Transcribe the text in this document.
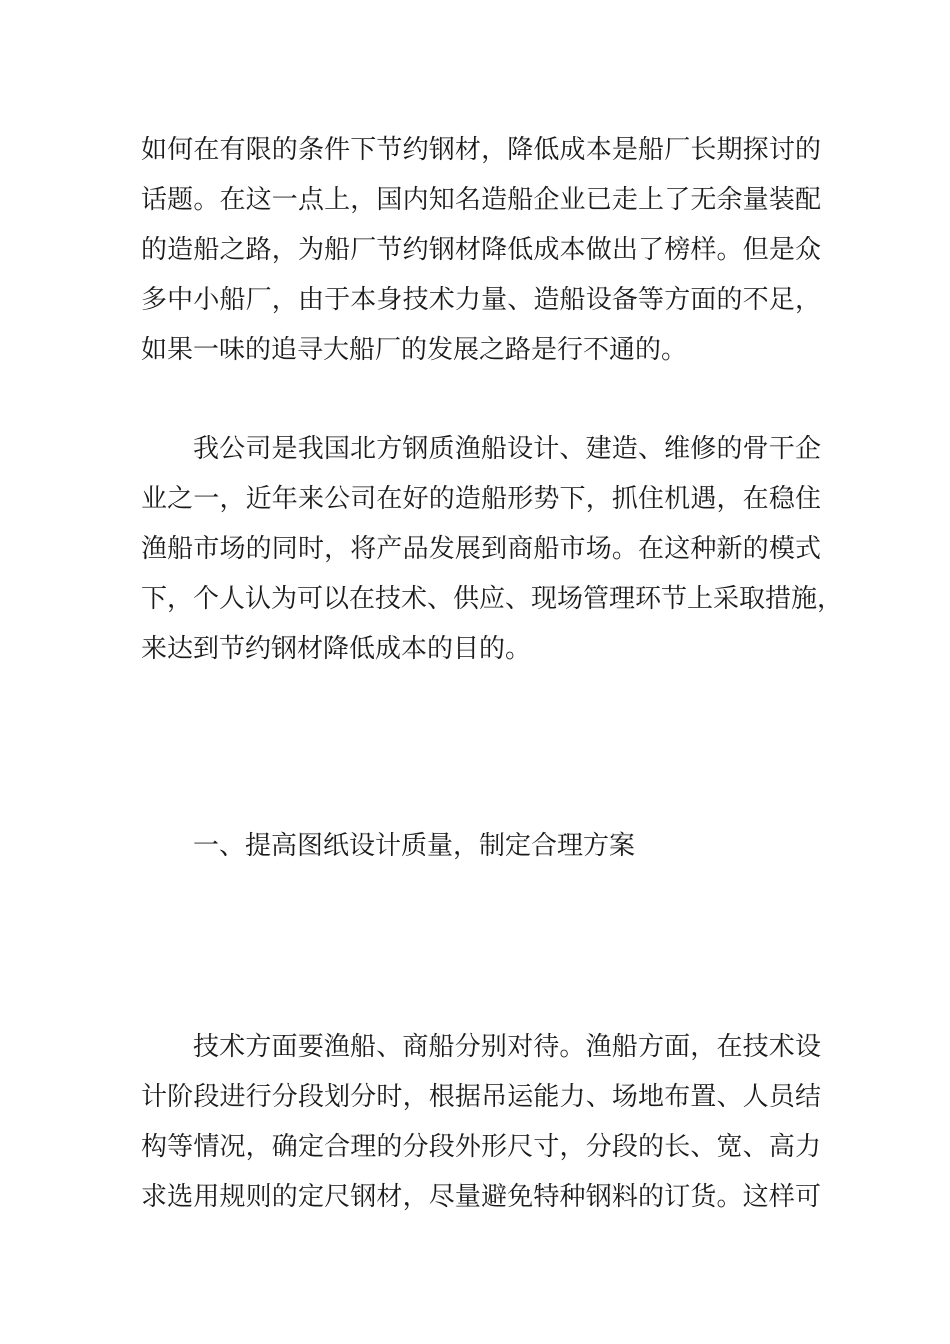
如何在有限的条件下节约钢材，降低成本是船厂长期探讨的
话题。在这一点上，国内知名造船企业已走上了无余量装配
的造船之路，为船厂节约钢材降低成本做出了榜样。但是众
多中小船厂，由于本身技术力量、造船设备等方面的不足，
如果一味的追寻大船厂的发展之路是行不通的。
我公司是我国北方钢质渔船设计、建造、维修的骨干企
业之一，近年来公司在好的造船形势下，抓住机遇，在稳住
渔船市场的同时，将产品发展到商船市场。在这种新的模式
下，个人认为可以在技术、供应、现场管理环节上采取措施，
来达到节约钢材降低成本的目的。
一、提高图纸设计质量，制定合理方案
技术方面要渔船、商船分别对待。渔船方面，在技术设
计阶段进行分段划分时，根据吊运能力、场地布置、人员结
构等情况，确定合理的分段外形尺寸，分段的长、宽、高力
求选用规则的定尺钢材，尽量避免特种钢料的订货。这样可
